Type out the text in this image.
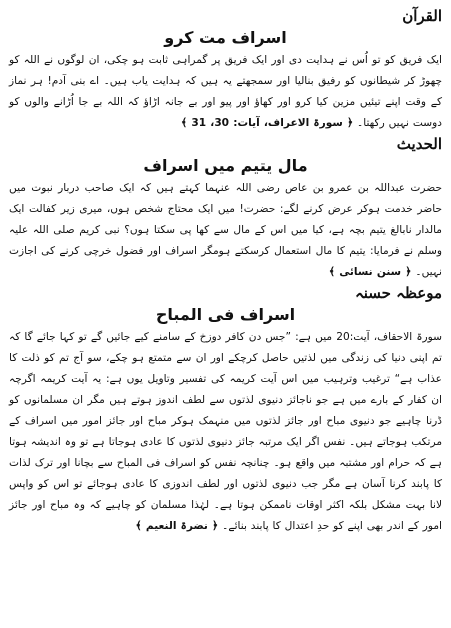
القرآن
اسراف مت کرو

ایک فریق کو تو اُس نے ہدایت دی اور ایک فریق پر گمراہی ثابت ہو چکی، ان لوگوں نے اللہ کو چھوڑ کر شیطانوں کو رفیق بنالیا اور سمجھتے یہ ہیں کہ ہدایت یاب ہیں۔ اے بنی آدم! ہر نماز کے وقت اپنے تیئیں مزین کیا کرو اور کھاؤ اور پیو اور بے جانہ اڑاؤ کہ اللہ بے جا اُڑانے والوں کو دوست نہیں رکھتا۔ ﴿ سورۃ الاعراف، آیات: 30، 31 ﴾

الحدیث
مال یتیم میں اسراف

حضرت عبداللہ بن عمرو بن عاص رضی اللہ عنہما کہتے ہیں کہ ایک صاحب دربار نبوت میں حاضر خدمت ہوکر عرض کرنے لگے: حضرت! میں ایک محتاج شخص ہوں، میری زیر کفالت ایک مالدار نابالغ یتیم بچہ ہے، کیا میں اس کے مال سے کھا پی سکتا ہوں؟ نبی کریم صلی اللہ علیہ وسلم نے فرمایا: یتیم کا مال استعمال کرسکتے ہومگر اسراف اور فضول خرچی کرنے کی اجازت نہیں۔ ﴿ سنن نسائی ﴾

موعظہ حسنہ
اسراف فی المباح

سورۃ الاحقاف، آیت:20 میں ہے: ”جس دن کافر دوزخ کے سامنے کیے جائیں گے تو کہا جائے گا کہ تم اپنی دنیا کی زندگی میں لذتیں حاصل کرچکے اور ان سے متمتع ہو چکے، سو آج تم کو ذلت کا عذاب ہے“ ترغیب وترہیب میں اس آیت کریمہ کی تفسیر وتاویل یوں ہے: یہ آیت کریمہ اگرچہ ان کفار کے بارے میں ہے جو ناجائز دنیوی لذتوں سے لطف اندوز ہوتے ہیں مگر ان مسلمانوں کو ڈرنا چاہیے جو دنیوی مباح اور جائز لذتوں میں منہمک ہوکر مباح اور جائز امور میں اسراف کے مرتکب ہوجاتے ہیں۔ نفس اگر ایک مرتبہ جائز دنیوی لذتوں کا عادی ہوجاتا ہے تو وہ اندیشہ ہوتا ہے کہ حرام اور مشتبہ میں واقع ہو۔ چنانچہ نفس کو اسراف فی المباح سے بچانا اور ترک لذات کا پابند کرنا آسان ہے مگر جب دنیوی لذتوں اور لطف اندوزی کا عادی ہوجائے تو اس کو واپس لانا بہت مشکل بلکہ اکثر اوقات ناممکن ہوتا ہے۔ لہٰذا مسلمان کو چاہیے کہ وہ مباح اور جائز امور کے اندر بھی اپنے کو حدِ اعتدال کا پابند بنائے۔ ﴿ نضرۃ النعیم ﴾
